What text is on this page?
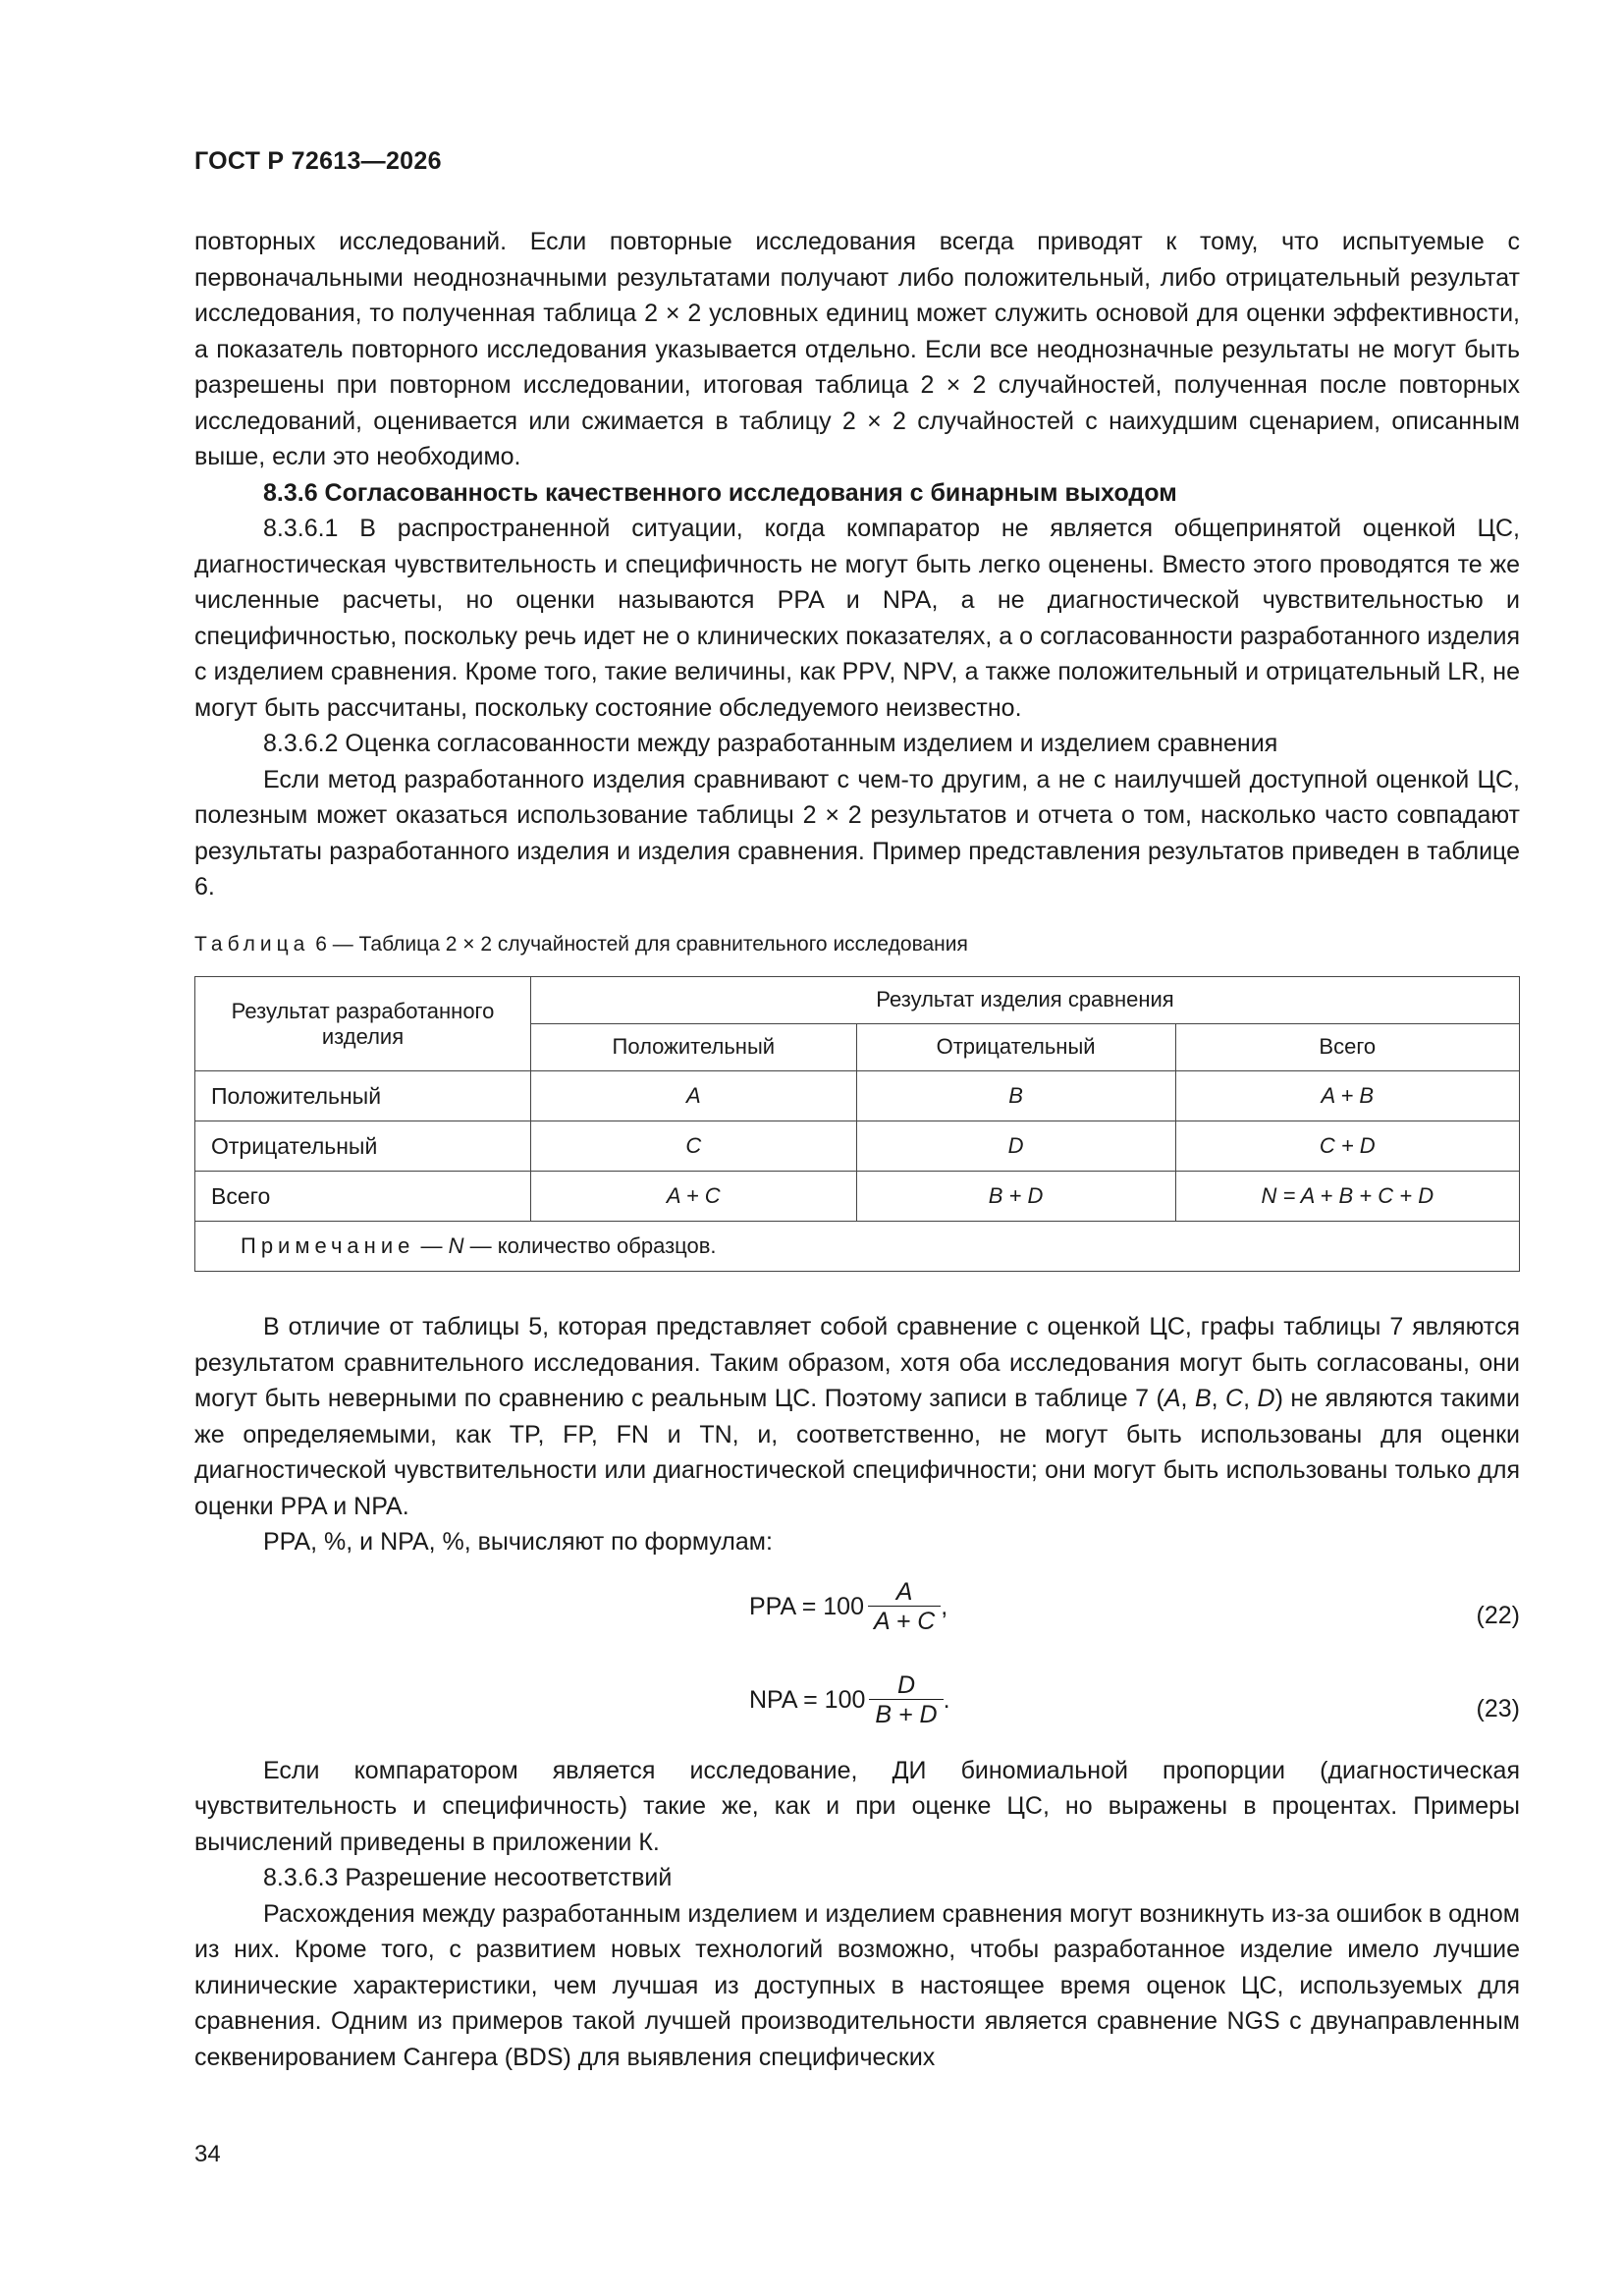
ГОСТ Р 72613—2026

повторных исследований. Если повторные исследования всегда приводят к тому, что испытуемые с первоначальными неоднозначными результатами получают либо положительный, либо отрицательный результат исследования, то полученная таблица 2 × 2 условных единиц может служить основой для оценки эффективности, а показатель повторного исследования указывается отдельно. Если все неоднозначные результаты не могут быть разрешены при повторном исследовании, итоговая таблица 2 × 2 случайностей, полученная после повторных исследований, оценивается или сжимается в таблицу 2 × 2 случайностей с наихудшим сценарием, описанным выше, если это необходимо.

8.3.6 Согласованность качественного исследования с бинарным выходом

8.3.6.1 В распространенной ситуации, когда компаратор не является общепринятой оценкой ЦС, диагностическая чувствительность и специфичность не могут быть легко оценены. Вместо этого проводятся те же численные расчеты, но оценки называются PPA и NPA, а не диагностической чувствительностью и специфичностью, поскольку речь идет не о клинических показателях, а о согласованности разработанного изделия с изделием сравнения. Кроме того, такие величины, как PPV, NPV, а также положительный и отрицательный LR, не могут быть рассчитаны, поскольку состояние обследуемого неизвестно.

8.3.6.2 Оценка согласованности между разработанным изделием и изделием сравнения

Если метод разработанного изделия сравнивают с чем-то другим, а не с наилучшей доступной оценкой ЦС, полезным может оказаться использование таблицы 2 × 2 результатов и отчета о том, насколько часто совпадают результаты разработанного изделия и изделия сравнения. Пример представления результатов приведен в таблице 6.

Таблица 6 — Таблица 2 × 2 случайностей для сравнительного исследования
Результат разработанного изделия	Результат изделия сравнения		
	Положительный	Отрицательный	Всего
Положительный	A	B	A + B
Отрицательный	C	D	C + D
Всего	A + C	B + D	N = A + B + C + D
Примечание — N — количество образцов.			

В отличие от таблицы 5, которая представляет собой сравнение с оценкой ЦС, графы таблицы 7 являются результатом сравнительного исследования. Таким образом, хотя оба исследования могут быть согласованы, они могут быть неверными по сравнению с реальным ЦС. Поэтому записи в таблице 7 (A, B, C, D) не являются такими же определяемыми, как TP, FP, FN и TN, и, соответственно, не могут быть использованы для оценки диагностической чувствительности или диагностической специфичности; они могут быть использованы только для оценки PPA и NPA.

PPA, %, и NPA, %, вычисляют по формулам:

PPA = $100 \frac{A}{A + C}$ ,	(22)
NPA = $100 \frac{D}{B + D}$ .	(23)

Если компаратором является исследование, ДИ биномиальной пропорции (диагностическая чувствительность и специфичность) такие же, как и при оценке ЦС, но выражены в процентах. Примеры вычислений приведены в приложении К.

8.3.6.3 Разрешение несоответствий

Расхождения между разработанным изделием и изделием сравнения могут возникнуть из-за ошибок в одном из них. Кроме того, с развитием новых технологий возможно, чтобы разработанное изделие имело лучшие клинические характеристики, чем лучшая из доступных в настоящее время оценок ЦС, используемых для сравнения. Одним из примеров такой лучшей производительности является сравнение NGS с двунаправленным секвенированием Сангера (BDS) для выявления специфических

34
